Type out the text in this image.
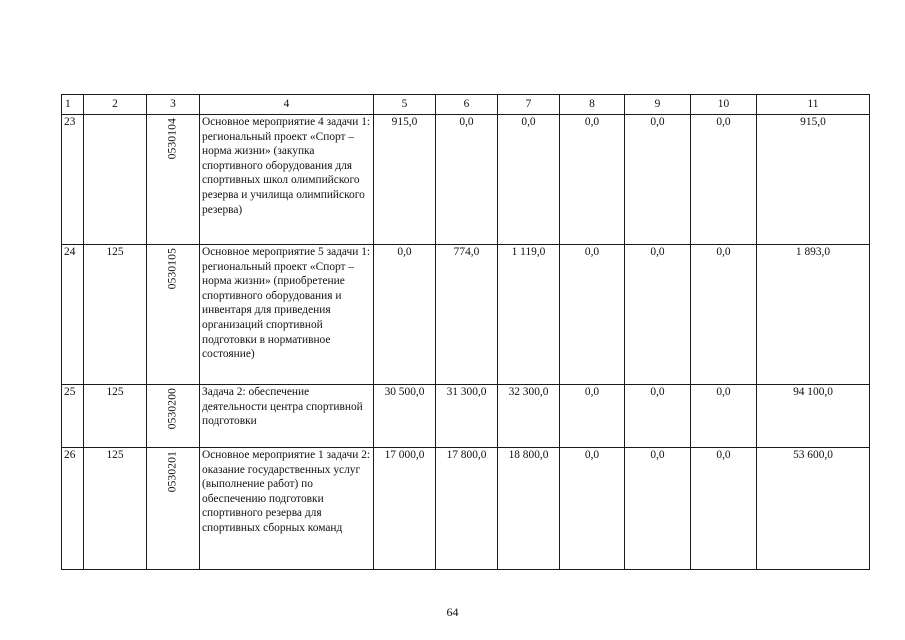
1	2	3	4	5	6	7	8	9	10	11
23		0530104	Основное мероприятие 4 задачи 1: региональный проект «Спорт – норма жизни» (закупка спортивного оборудования для спортивных школ олимпийского резерва и училища олимпийского резерва)	915,0	0,0	0,0	0,0	0,0	0,0	915,0
24	125	0530105	Основное мероприятие 5 задачи 1: региональный проект «Спорт – норма жизни» (приобретение спортивного оборудования и инвентаря для приведения организаций спортивной подготовки в нормативное состояние)	0,0	774,0	1 119,0	0,0	0,0	0,0	1 893,0
25	125	0530200	Задача 2: обеспечение деятельности центра спортивной подготовки	30 500,0	31 300,0	32 300,0	0,0	0,0	0,0	94 100,0
26	125	0530201	Основное мероприятие 1 задачи 2: оказание государственных услуг (выполнение работ) по обеспечению подготовки спортивного резерва для спортивных сборных команд	17 000,0	17 800,0	18 800,0	0,0	0,0	0,0	53 600,0
64
